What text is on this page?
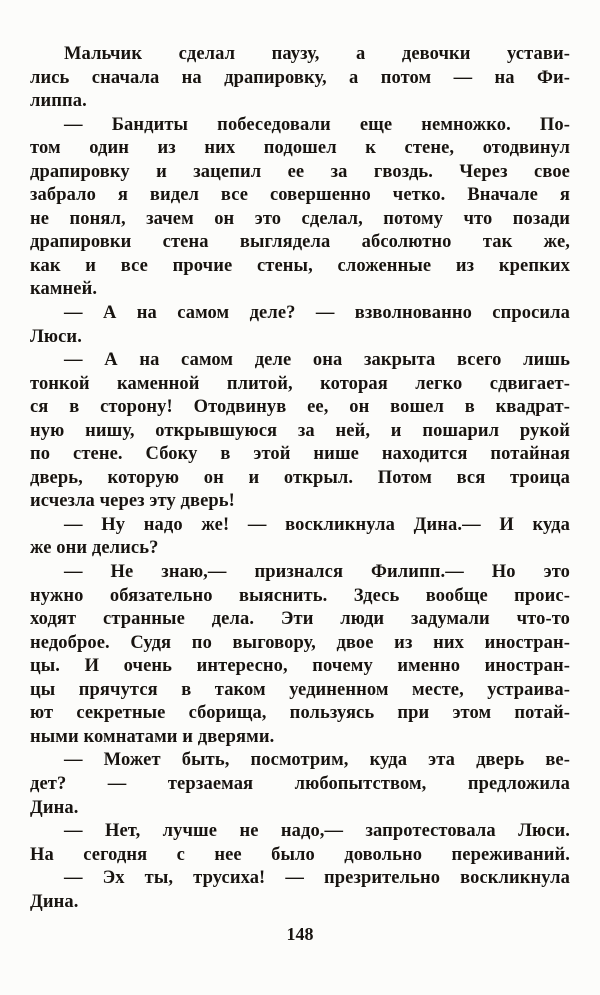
Мальчик сделал паузу, а девочки устави-
лись сначала на драпировку, а потом — на Фи-
липпа.
— Бандиты побеседовали еще немножко. По-
том один из них подошел к стене, отодвинул
драпировку и зацепил ее за гвоздь. Через свое
забрало я видел все совершенно четко. Вначале я
не понял, зачем он это сделал, потому что позади
драпировки стена выглядела абсолютно так же,
как и все прочие стены, сложенные из крепких
камней.
— А на самом деле? — взволнованно спросила
Люси.
— А на самом деле она закрыта всего лишь
тонкой каменной плитой, которая легко сдвигает-
ся в сторону! Отодвинув ее, он вошел в квадрат-
ную нишу, открывшуюся за ней, и пошарил рукой
по стене. Сбоку в этой нише находится потайная
дверь, которую он и открыл. Потом вся троица
исчезла через эту дверь!
— Ну надо же! — воскликнула Дина.— И куда
же они делись?
— Не знаю,— признался Филипп.— Но это
нужно обязательно выяснить. Здесь вообще проис-
ходят странные дела. Эти люди задумали что-то
недоброе. Судя по выговору, двое из них иностран-
цы. И очень интересно, почему именно иностран-
цы прячутся в таком уединенном месте, устраива-
ют секретные сборища, пользуясь при этом потай-
ными комнатами и дверями.
— Может быть, посмотрим, куда эта дверь ве-
дет? — терзаемая любопытством, предложила
Дина.
— Нет, лучше не надо,— запротестовала Люси.
На сегодня с нее было довольно переживаний.
— Эх ты, трусиха! — презрительно воскликнула
Дина.
148
